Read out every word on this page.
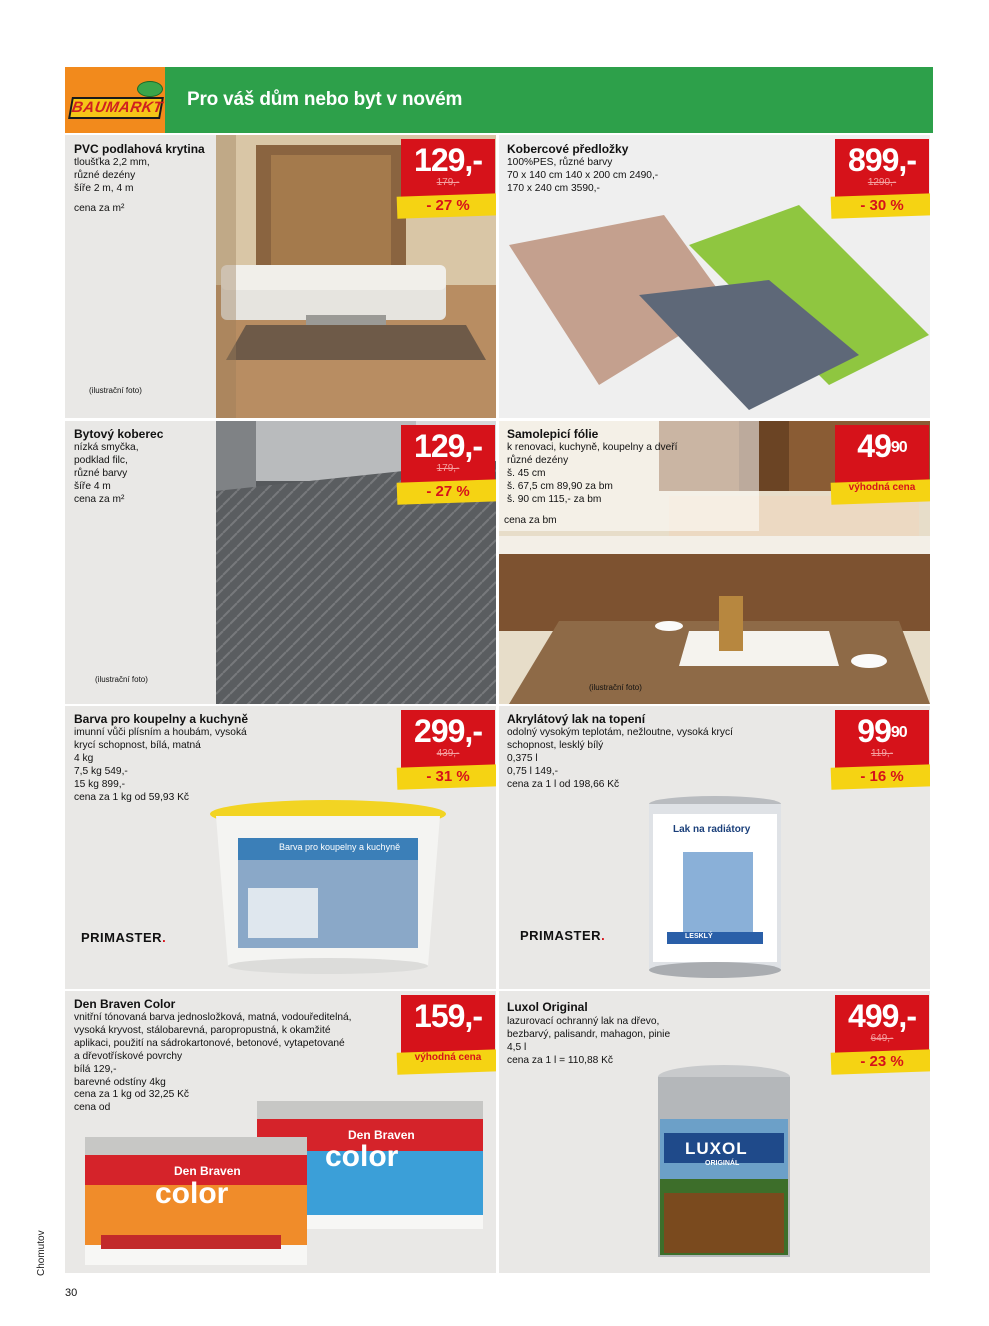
BAUMARKT Pro váš dům nebo byt v novém
PVC podlahová krytina
tloušťka 2,2 mm,
různé dezény
šíře 2 m, 4 m
cena za m²
(ilustrační foto)
129,-
179,-
- 27 %
Kobercové předložky
100%PES, různé barvy
70 x 140 cm 140 x 200 cm 2490,-
170 x 240 cm 3590,-
899,-
1290,-
- 30 %
Bytový koberec
nízká smyčka,
podklad filc,
různé barvy
šíře 4 m
cena za m²
(ilustrační foto)
129,-
179,-
- 27 %
Samolepicí fólie
k renovaci, kuchyně, koupelny a dveří
různé dezény
š. 45 cm
š. 67,5 cm 89,90 za bm
š. 90 cm 115,- za bm
cena za bm
(ilustrační foto)
$49^{90}$
výhodná cena
Barva pro koupelny a kuchyně
imunní vůči plísním a houbám, vysoká
krycí schopnost, bílá, matná
4 kg
7,5 kg 549,-
15 kg 899,-
cena za 1 kg od 59,93 Kč
PRIMASTER.
Barva pro koupelny a kuchyně
299,-
439,-
- 31 %
Akrylátový lak na topení
odolný vysokým teplotám, nežloutne, vysoká krycí
schopnost, lesklý bílý
0,375 l
0,75 l 149,-
cena za 1 l od 198,66 Kč
PRIMASTER.
Lak na radiátory
LESKLÝ
$99^{90}$
119,-
- 16 %
Den Braven Color
vnitřní tónovaná barva jednosložková, matná, vodouředitelná,
vysoká kryvost, stálobarevná, paropropustná, k okamžité
aplikaci, použití na sádrokartonové, betonové, vytapetované
a dřevotřískové povrchy
bílá 129,-
barevné odstíny 4kg
cena za 1 kg od 32,25 Kč
cena od
Den Braven
color
Den Braven
color
159,-
výhodná cena
Luxol Original
lazurovací ochranný lak na dřevo,
bezbarvý, palisandr, mahagon, pinie
4,5 l
cena za 1 l = 110,88 Kč
LUXOL
ORIGINÁL
499,-
649,-
- 23 %
Chomutov
30
